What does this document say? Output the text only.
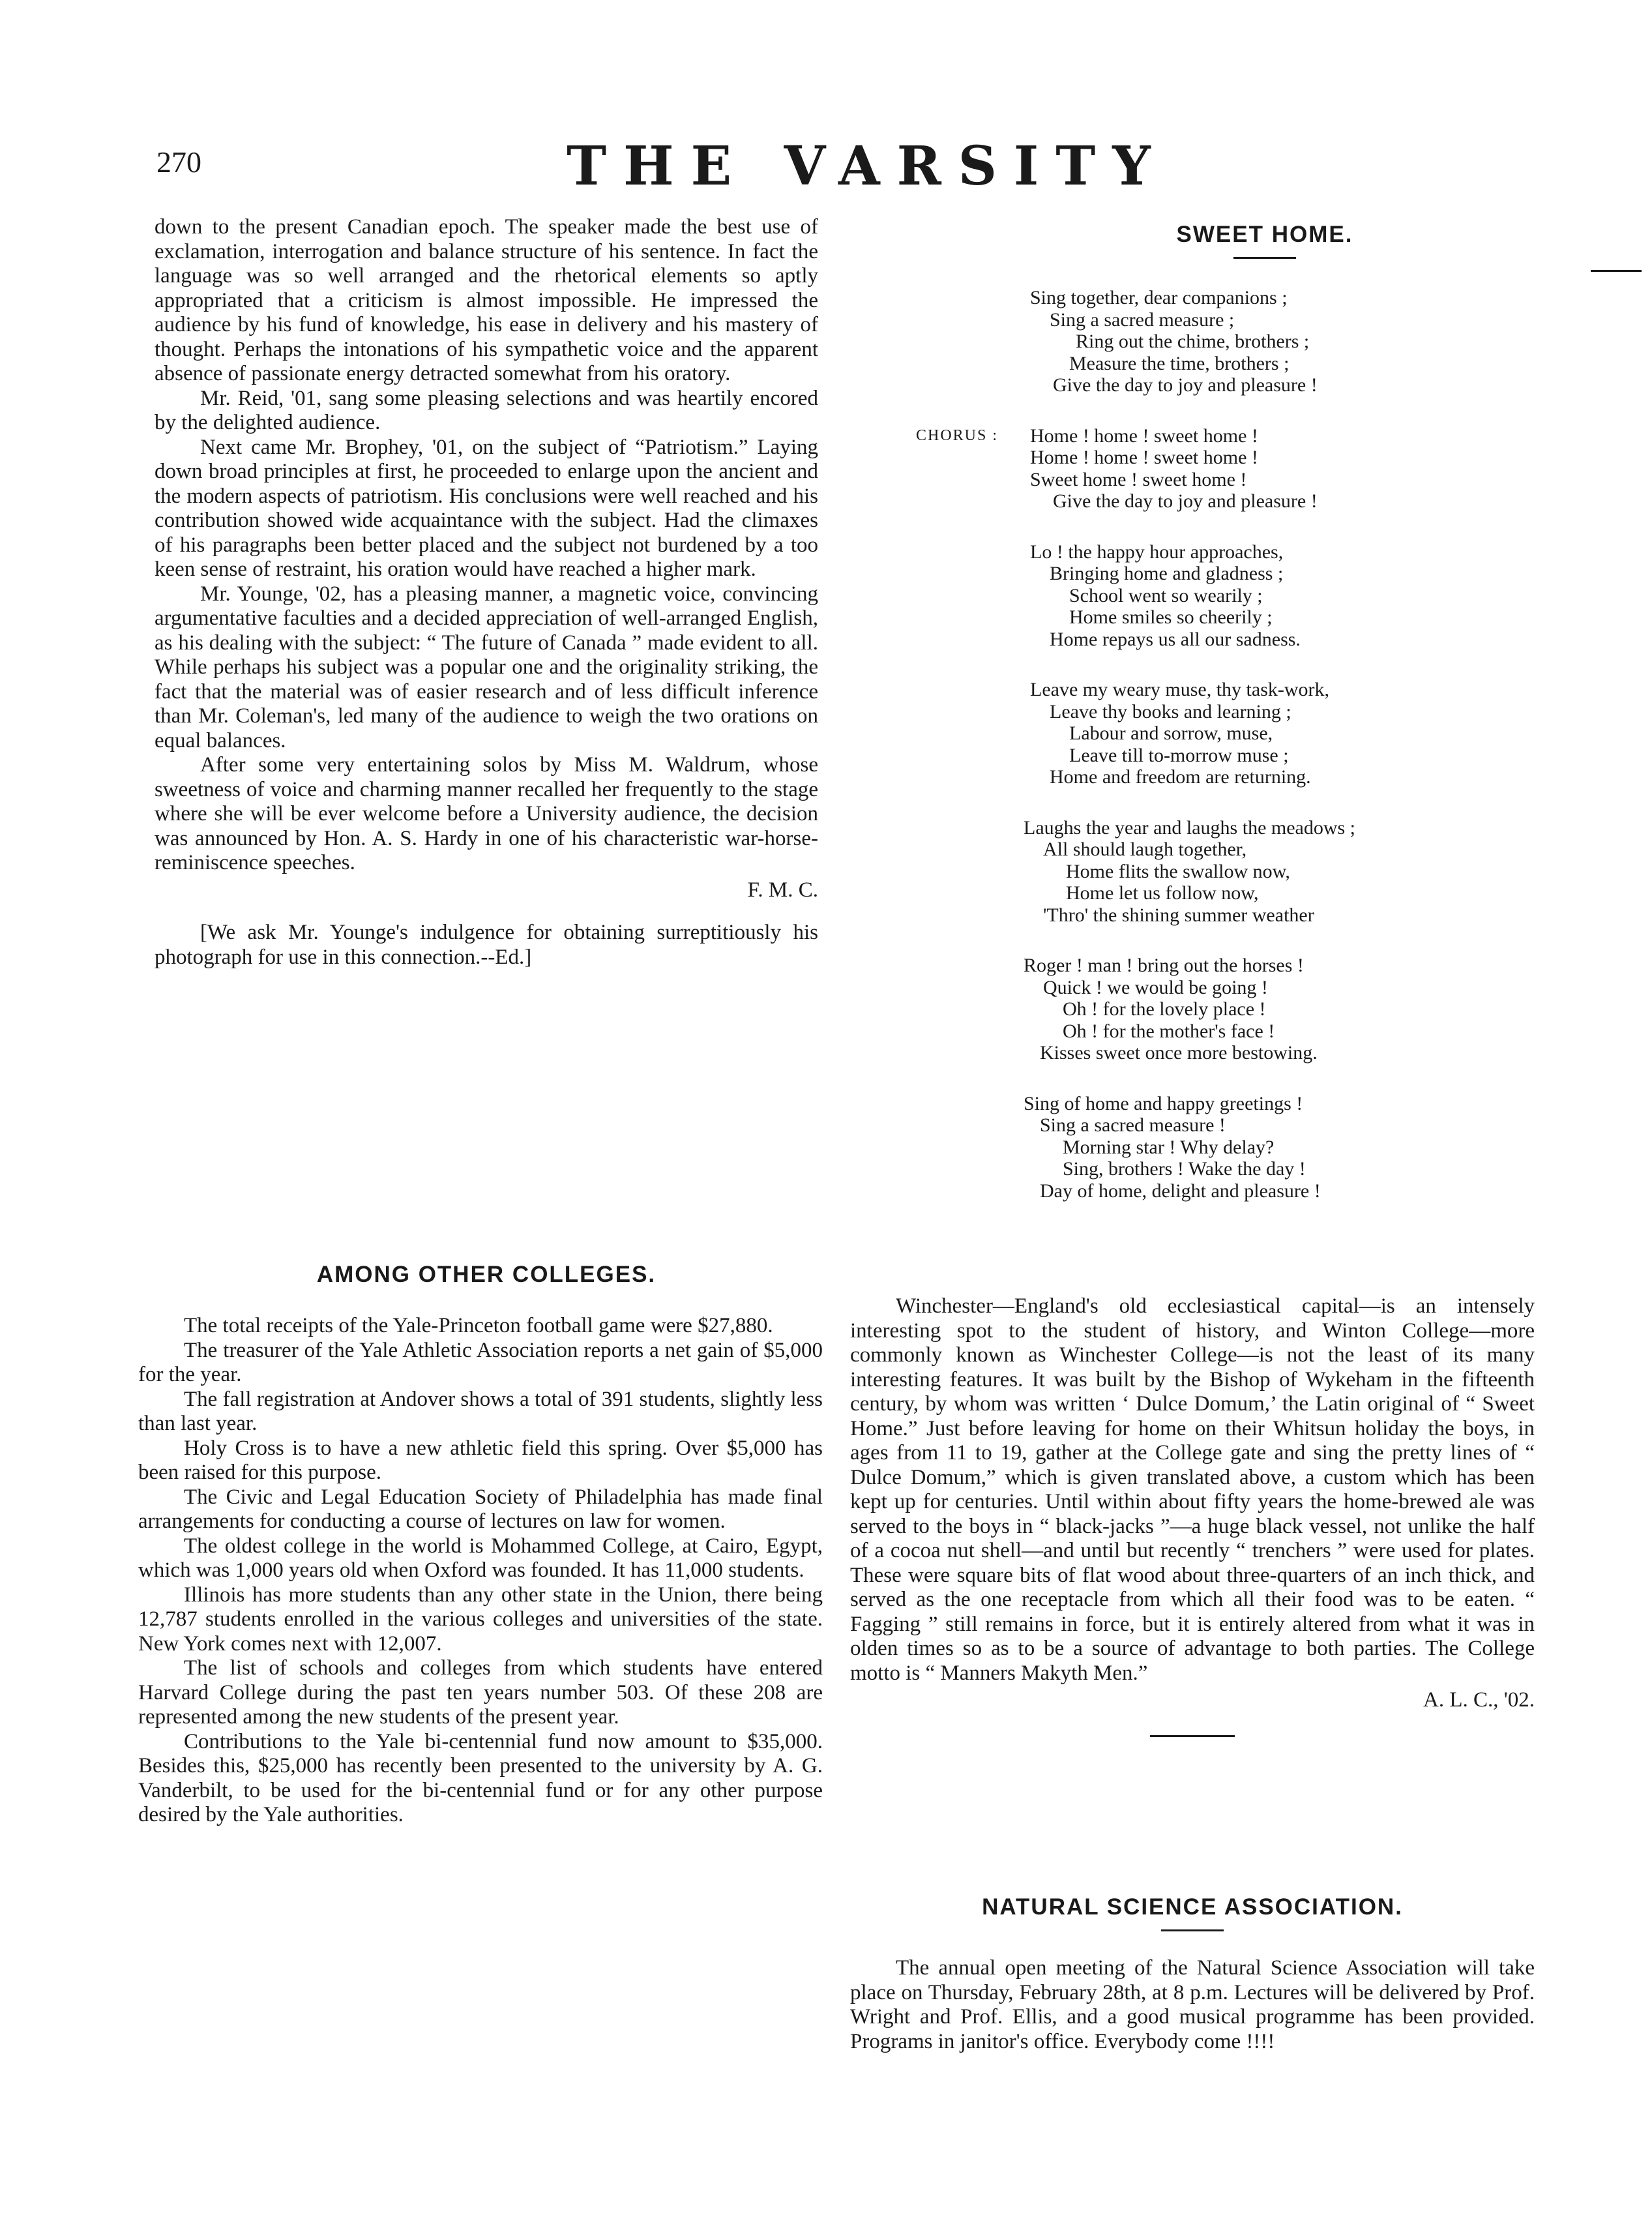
270	THE VARSITY

down to the present Canadian epoch. The speaker made the best use of exclamation, interrogation and balance structure of his sentence. In fact the language was so well arranged and the rhetorical elements so aptly appropriated that a criticism is almost impossible. He impressed the audience by his fund of knowledge, his ease in delivery and his mastery of thought. Perhaps the intonations of his sympathetic voice and the apparent absence of passionate energy detracted somewhat from his oratory.

Mr. Reid, '01, sang some pleasing selections and was heartily encored by the delighted audience.

Next came Mr. Brophey, '01, on the subject of “Patriotism.” Laying down broad principles at first, he proceeded to enlarge upon the ancient and the modern aspects of patriotism. His conclusions were well reached and his contribution showed wide acquaintance with the subject. Had the climaxes of his paragraphs been better placed and the subject not burdened by a too keen sense of restraint, his oration would have reached a higher mark.

Mr. Younge, '02, has a pleasing manner, a magnetic voice, convincing argumentative faculties and a decided appreciation of well-arranged English, as his dealing with the subject: “ The future of Canada ” made evident to all. While perhaps his subject was a popular one and the originality striking, the fact that the material was of easier research and of less difficult inference than Mr. Coleman's, led many of the audience to weigh the two orations on equal balances.

After some very entertaining solos by Miss M. Waldrum, whose sweetness of voice and charming manner recalled her frequently to the stage where she will be ever welcome before a University audience, the decision was announced by Hon. A. S. Hardy in one of his characteristic war-horse-reminiscence speeches.

F. M. C.

[We ask Mr. Younge's indulgence for obtaining surreptitiously his photograph for use in this connection.--Ed.]

AMONG OTHER COLLEGES.

The total receipts of the Yale-Princeton football game were $27,880.

The treasurer of the Yale Athletic Association reports a net gain of $5,000 for the year.

The fall registration at Andover shows a total of 391 students, slightly less than last year.

Holy Cross is to have a new athletic field this spring. Over $5,000 has been raised for this purpose.

The Civic and Legal Education Society of Philadelphia has made final arrangements for conducting a course of lectures on law for women.

The oldest college in the world is Mohammed College, at Cairo, Egypt, which was 1,000 years old when Oxford was founded. It has 11,000 students.

Illinois has more students than any other state in the Union, there being 12,787 students enrolled in the various colleges and universities of the state. New York comes next with 12,007.

The list of schools and colleges from which students have entered Harvard College during the past ten years number 503. Of these 208 are represented among the new students of the present year.

Contributions to the Yale bi-centennial fund now amount to $35,000. Besides this, $25,000 has recently been presented to the university by A. G. Vanderbilt, to be used for the bi-centennial fund or for any other purpose desired by the Yale authorities.

SWEET HOME.
CHORUS :
Sing together, dear companions ;
Sing a sacred measure ;
Ring out the chime, brothers ;
Measure the time, brothers ;
Give the day to joy and pleasure !
Home ! home ! sweet home !
Home ! home ! sweet home !
Sweet home ! sweet home !
Give the day to joy and pleasure !
Lo ! the happy hour approaches,
Bringing home and gladness ;
School went so wearily ;
Home smiles so cheerily ;
Home repays us all our sadness.
Leave my weary muse, thy task-work,
Leave thy books and learning ;
Labour and sorrow, muse,
Leave till to-morrow muse ;
Home and freedom are returning.
Laughs the year and laughs the meadows ;
All should laugh together,
Home flits the swallow now,
Home let us follow now,
'Thro' the shining summer weather
Roger ! man ! bring out the horses !
Quick ! we would be going !
Oh ! for the lovely place !
Oh ! for the mother's face !
Kisses sweet once more bestowing.
Sing of home and happy greetings !
Sing a sacred measure !
Morning star ! Why delay?
Sing, brothers ! Wake the day !
Day of home, delight and pleasure !

Winchester—England's old ecclesiastical capital—is an intensely interesting spot to the student of history, and Winton College—more commonly known as Winchester College—is not the least of its many interesting features. It was built by the Bishop of Wykeham in the fifteenth century, by whom was written ‘ Dulce Domum,’ the Latin original of “ Sweet Home.” Just before leaving for home on their Whitsun holiday the boys, in ages from 11 to 19, gather at the College gate and sing the pretty lines of “ Dulce Domum,” which is given translated above, a custom which has been kept up for centuries. Until within about fifty years the home-brewed ale was served to the boys in “ black-jacks ”—a huge black vessel, not unlike the half of a cocoa nut shell—and until but recently “ trenchers ” were used for plates. These were square bits of flat wood about three-quarters of an inch thick, and served as the one receptacle from which all their food was to be eaten. “ Fagging ” still remains in force, but it is entirely altered from what it was in olden times so as to be a source of advantage to both parties. The College motto is “ Manners Makyth Men.”

A. L. C., '02.

NATURAL SCIENCE ASSOCIATION.

The annual open meeting of the Natural Science Association will take place on Thursday, February 28th, at 8 p.m. Lectures will be delivered by Prof. Wright and Prof. Ellis, and a good musical programme has been provided. Programs in janitor's office. Everybody come !!!!
